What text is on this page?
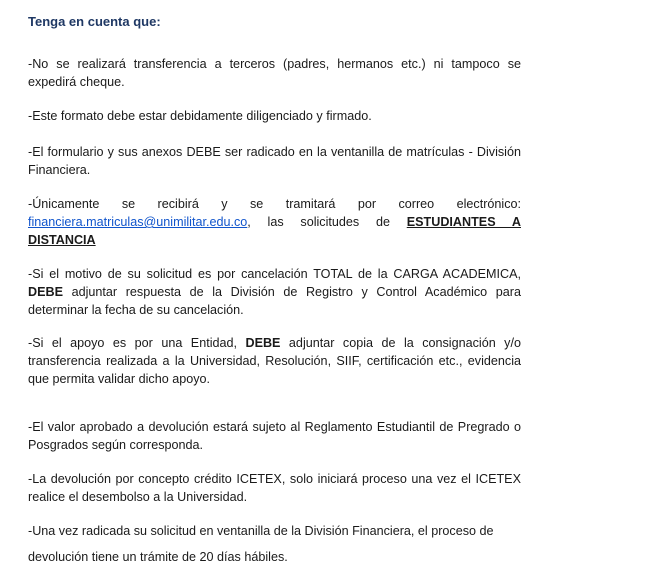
Tenga en cuenta que:

-No se realizará transferencia a terceros (padres, hermanos etc.) ni tampoco se expedirá cheque.

-Este formato debe estar debidamente diligenciado y firmado.

-El formulario y sus anexos DEBE ser radicado en la ventanilla de matrículas - División Financiera.

-Únicamente se recibirá y se tramitará por correo electrónico: financiera.matriculas@unimilitar.edu.co, las solicitudes de ESTUDIANTES A DISTANCIA

-Si el motivo de su solicitud es por cancelación TOTAL de la CARGA ACADEMICA, DEBE adjuntar respuesta de la División de Registro y Control Académico para determinar la fecha de su cancelación.

-Si el apoyo es por una Entidad, DEBE adjuntar copia de la consignación y/o transferencia realizada a la Universidad, Resolución, SIIF, certificación etc., evidencia que permita validar dicho apoyo.

-El valor aprobado a devolución estará sujeto al Reglamento Estudiantil de Pregrado o Posgrados según corresponda.

-La devolución por concepto crédito ICETEX, solo iniciará proceso una vez el ICETEX realice el desembolso a la Universidad.

-Una vez radicada su solicitud en ventanilla de la División Financiera, el proceso de devolución tiene un trámite de 20 días hábiles.
